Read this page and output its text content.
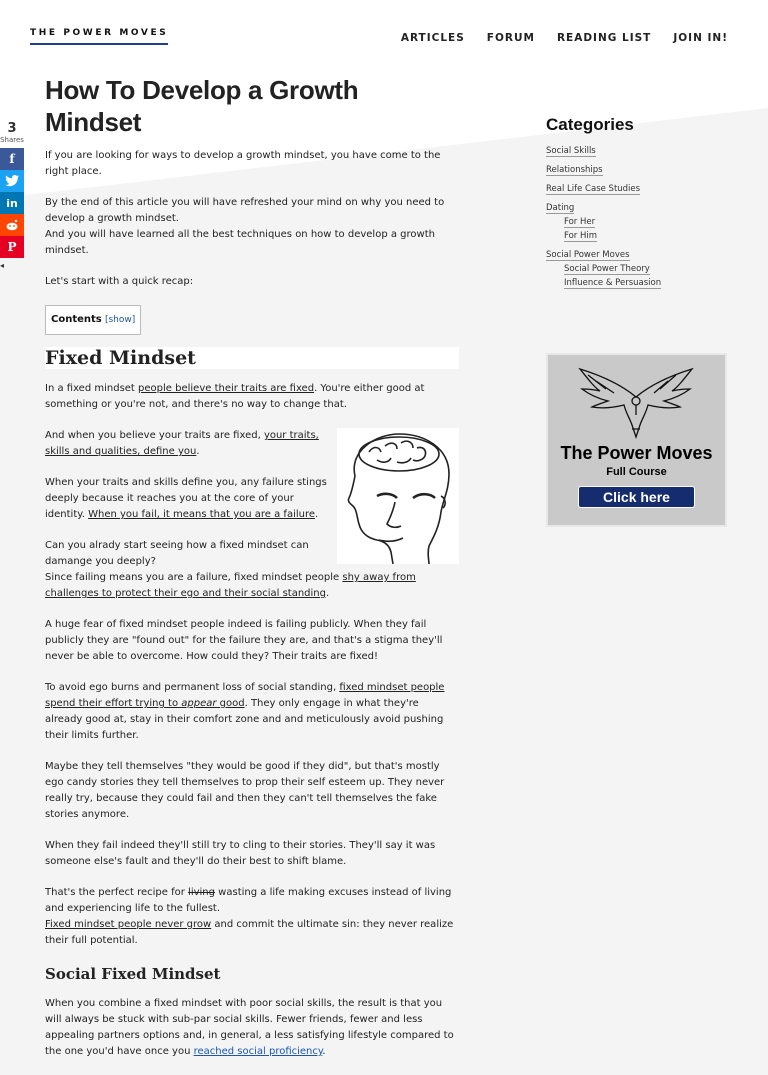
THE POWER MOVES	ARTICLES FORUM READING LIST JOIN IN!
3
Shares
f
in
P
◂
How To Develop a Growth Mindset

If you are looking for ways to develop a growth mindset, you have come to the right place.

By the end of this article you will have refreshed your mind on why you need to develop a growth mindset.
And you will have learned all the best techniques on how to develop a growth mindset.

Let's start with a quick recap:

Contents [show]
Fixed Mindset

In a fixed mindset people believe their traits are fixed. You're either good at something or you're not, and there's no way to change that.

And when you believe your traits are fixed, your traits, skills and qualities, define you.

When your traits and skills define you, any failure stings deeply because it reaches you at the core of your identity. When you fail, it means that you are a failure.

Can you alrady start seeing how a fixed mindset can damange you deeply?
Since failing means you are a failure, fixed mindset people shy away from challenges to protect their ego and their social standing.

A huge fear of fixed mindset people indeed is failing publicly. When they fail publicly they are "found out" for the failure they are, and that's a stigma they'll never be able to overcome. How could they? Their traits are fixed!

To avoid ego burns and permanent loss of social standing, fixed mindset people spend their effort trying to appear good. They only engage in what they're already good at, stay in their comfort zone and and meticulously avoid pushing their limits further.

Maybe they tell themselves "they would be good if they did", but that's mostly ego candy stories they tell themselves to prop their self esteem up. They never really try, because they could fail and then they can't tell themselves the fake stories anymore.

When they fail indeed they'll still try to cling to their stories. They'll say it was someone else's fault and they'll do their best to shift blame.

That's the perfect recipe for living wasting a life making excuses instead of living and experiencing life to the fullest.
Fixed mindset people never grow and commit the ultimate sin: they never realize their full potential.

Social Fixed Mindset

When you combine a fixed mindset with poor social skills, the result is that you will always be stuck with sub-par social skills. Fewer friends, fewer and less appealing partners options and, in general, a less satisfying lifestyle compared to the one you'd have once you reached social proficiency.

Categories
Social Skills
Relationships
Real Life Case Studies
Dating
For Her
For Him
Social Power Moves
Social Power Theory
Influence & Persuasion
The Power Moves
Full Course
Click here
